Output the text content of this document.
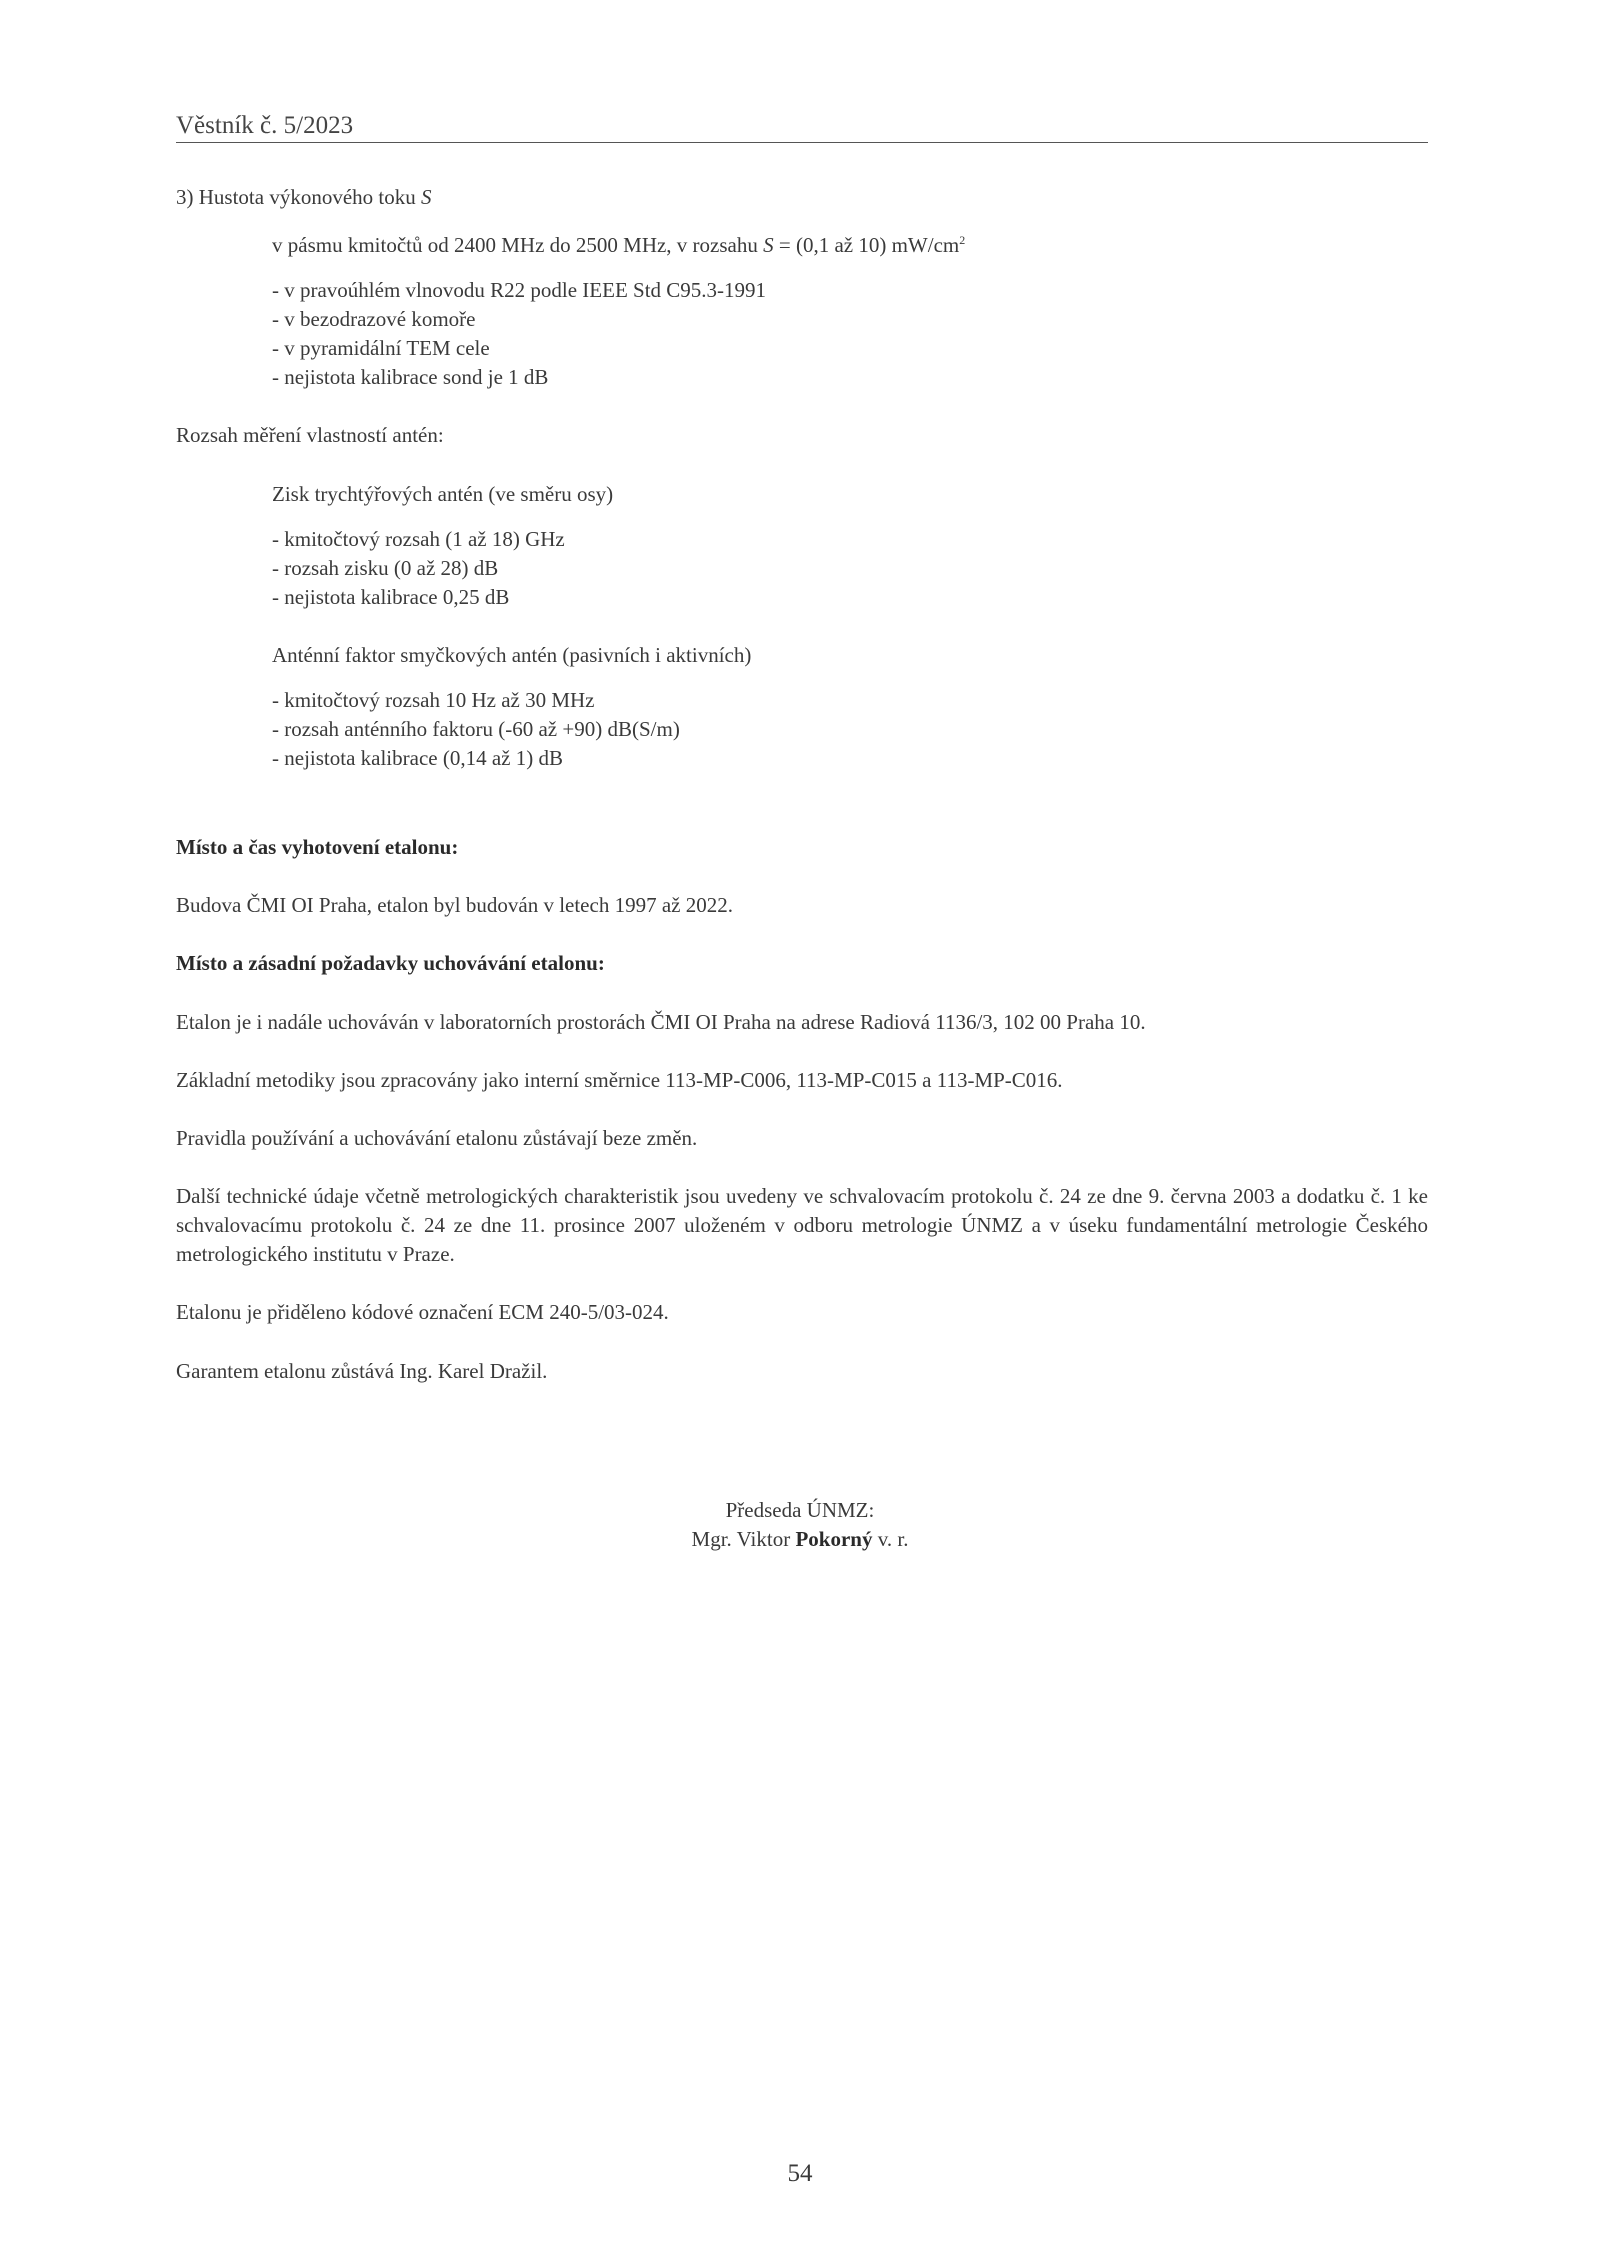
Věstník č. 5/2023
3) Hustota výkonového toku S
v pásmu kmitočtů od 2400 MHz do 2500 MHz, v rozsahu S = (0,1 až 10) $mW/cm^2$
- v pravoúhlém vlnovodu R22 podle IEEE Std C95.3-1991
- v bezodrazové komoře
- v pyramidální TEM cele
- nejistota kalibrace sond je 1 dB
Rozsah měření vlastností antén:
Zisk trychtýřových antén (ve směru osy)
- kmitočtový rozsah (1 až 18) GHz
- rozsah zisku (0 až 28) dB
- nejistota kalibrace 0,25 dB
Anténní faktor smyčkových antén (pasivních i aktivních)
- kmitočtový rozsah 10 Hz až 30 MHz
- rozsah anténního faktoru (-60 až +90) dB(S/m)
- nejistota kalibrace (0,14 až 1) dB
Místo a čas vyhotovení etalonu:
Budova ČMI OI Praha, etalon byl budován v letech 1997 až 2022.
Místo a zásadní požadavky uchovávání etalonu:
Etalon je i nadále uchováván v laboratorních prostorách ČMI OI Praha na adrese Radiová 1136/3, 102 00 Praha 10.
Základní metodiky jsou zpracovány jako interní směrnice 113-MP-C006, 113-MP-C015 a 113-MP-C016.
Pravidla používání a uchovávání etalonu zůstávají beze změn.
Další technické údaje včetně metrologických charakteristik jsou uvedeny ve schvalovacím protokolu č. 24 ze dne 9. června 2003 a dodatku č. 1 ke schvalovacímu protokolu č. 24 ze dne 11. prosince 2007 uloženém v odboru metrologie ÚNMZ a v úseku fundamentální metrologie Českého metrologického institutu v Praze.
Etalonu je přiděleno kódové označení ECM 240-5/03-024.
Garantem etalonu zůstává Ing. Karel Dražil.
Předseda ÚNMZ:
Mgr. Viktor Pokorný v. r.
54
